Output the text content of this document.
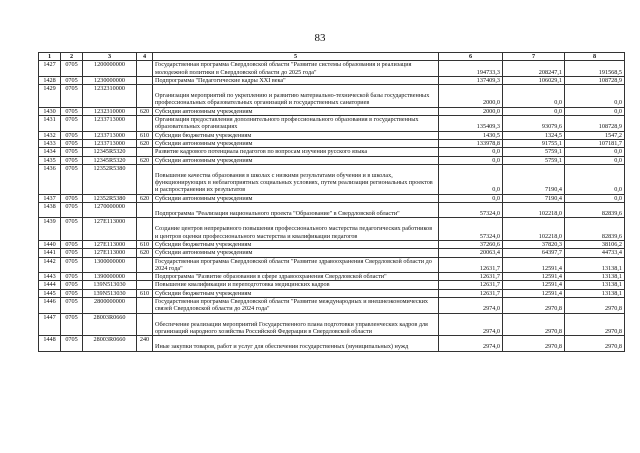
83
1	2	3	4	5	6	7	8
1427	0705	1200000000		Государственная программа Свердловской области "Развитие системы образования и реализация молодежной политики в Свердловской области до 2025 года"	194733,3	208247,1	191568,5
1428	0705	1230000000		Подпрограмма "Педагогические кадры XXI века"	137409,3	106029,1	108728,9
1429	0705	1232310000		Организация мероприятий по укреплению и развитию материально-технической базы государственных профессиональных образовательных организаций и государственных санаториев	2000,0	0,0	0,0
1430	0705	1232310000	620	Субсидии автономным учреждениям	2000,0	0,0	0,0
1431	0705	1233713000		Организация предоставления дополнительного профессионального образования в государственных образовательных организациях	135409,3	93079,6	108728,9
1432	0705	1233713000	610	Субсидии бюджетным учреждениям	1430,5	1324,5	1547,2
1433	0705	1233713000	620	Субсидии автономным учреждениям	133978,8	91755,1	107181,7
1434	0705	12345R5320		Развитие кадрового потенциала педагогов по вопросам изучения русского языка	0,0	5759,1	0,0
1435	0705	12345R5320	620	Субсидии автономным учреждениям	0,0	5759,1	0,0
1436	0705	12352R5380		Повышение качества образования в школах с низкими результатами обучения и в школах, функционирующих в неблагоприятных социальных условиях, путем реализации региональных проектов и распространения их результатов	0,0	7190,4	0,0
1437	0705	12352R5380	620	Субсидии автономным учреждениям	0,0	7190,4	0,0
1438	0705	1270000000		Подпрограмма "Реализация национального проекта "Образование" в Свердловской области"	57324,0	102218,0	82839,6
1439	0705	127E113000		Создание центров непрерывного повышения профессионального мастерства педагогических работников и центров оценки профессионального мастерства и квалификации педагогов	57324,0	102218,0	82839,6
1440	0705	127E113000	610	Субсидии бюджетным учреждениям	37260,6	37820,3	38106,2
1441	0705	127E113000	620	Субсидии автономным учреждениям	20063,4	64397,7	44733,4
1442	0705	1300000000		Государственная программа Свердловской области "Развитие здравоохранения Свердловской области до 2024 года"	12631,7	12591,4	13138,1
1443	0705	1390000000		Подпрограмма "Развитие образования в сфере здравоохранения Свердловской области"	12631,7	12591,4	13138,1
1444	0705	139N513030		Повышение квалификации и переподготовка медицинских кадров	12631,7	12591,4	13138,1
1445	0705	139N513030	610	Субсидии бюджетным учреждениям	12631,7	12591,4	13138,1
1446	0705	2800000000		Государственная программа Свердловской области "Развитие международных и внешнеэкономических связей Свердловской области до 2024 года"	2974,0	2970,8	2970,8
1447	0705	28003R0660		Обеспечение реализации мероприятий Государственного плана подготовки управленческих кадров для организаций народного хозяйства Российской Федерации в Свердловской области	2974,0	2970,8	2970,8
1448	0705	28003R0660	240	Иные закупки товаров, работ и услуг для обеспечения государственных (муниципальных) нужд	2974,0	2970,8	2970,8
